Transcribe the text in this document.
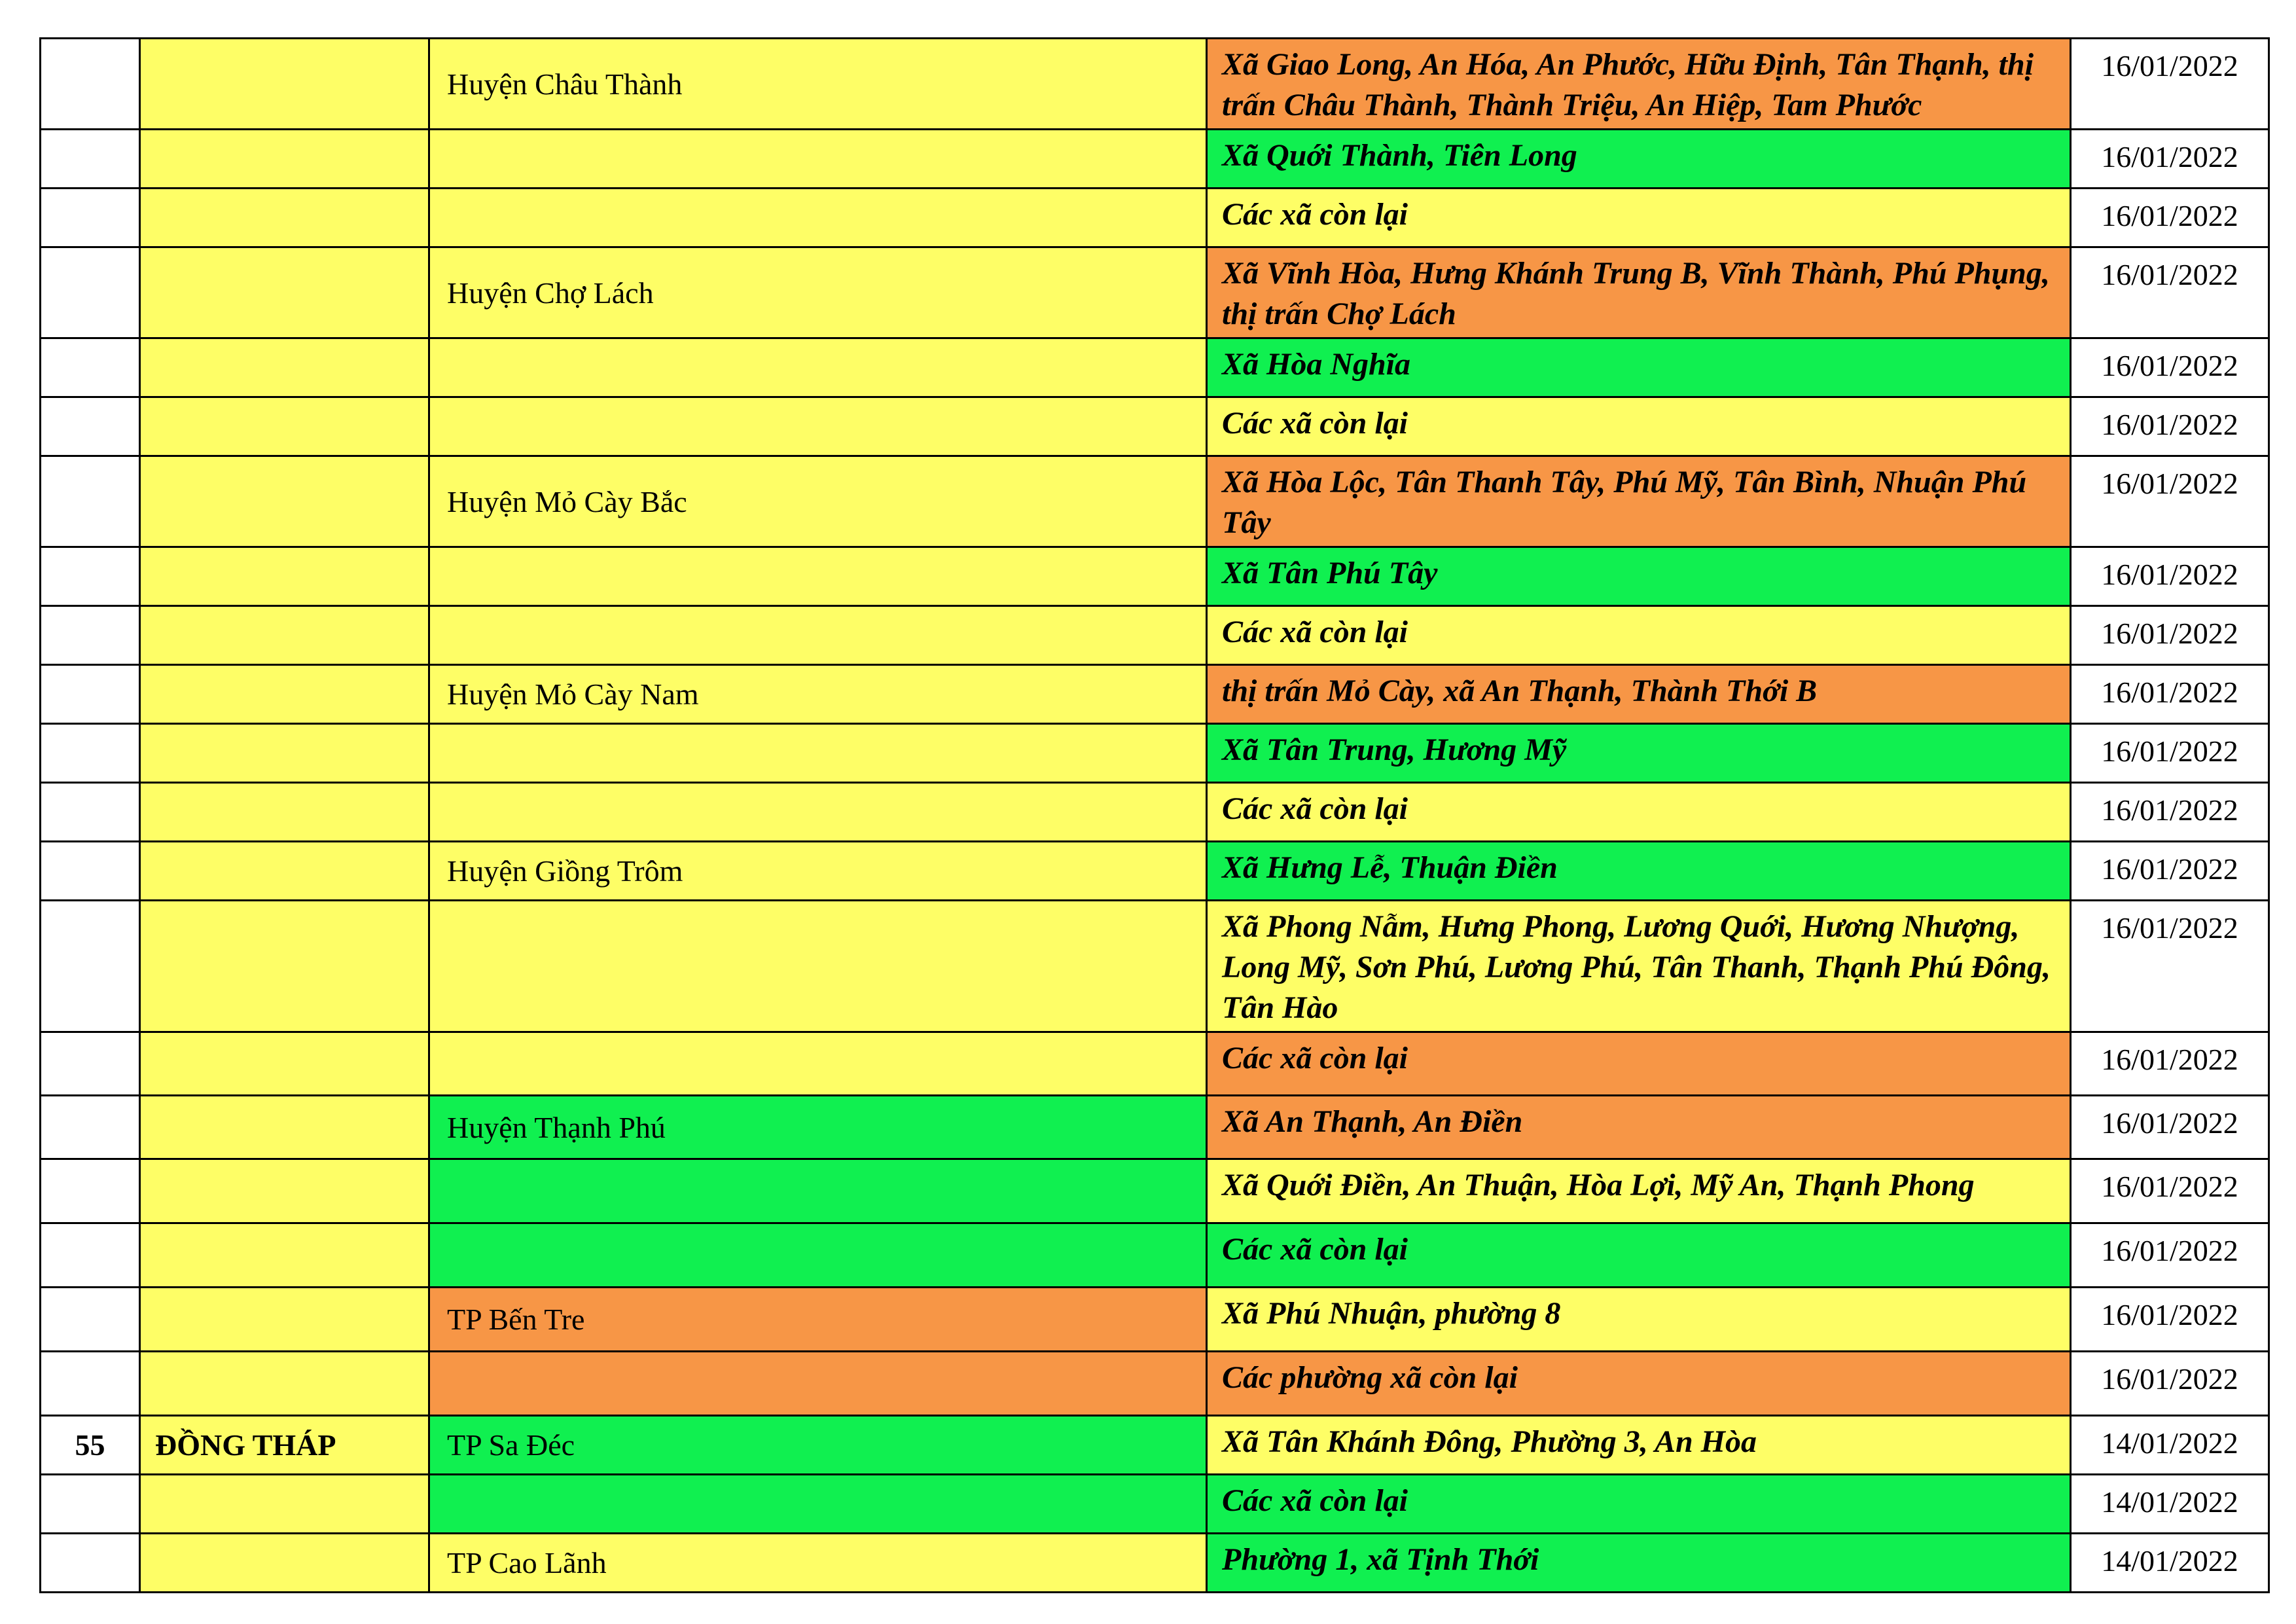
		Huyện Châu Thành	Xã Giao Long, An Hóa, An Phước, Hữu Định, Tân Thạnh, thị trấn Châu Thành, Thành Triệu, An Hiệp, Tam Phước	16/01/2022
			Xã Quới Thành, Tiên Long	16/01/2022
			Các xã còn lại	16/01/2022
		Huyện Chợ Lách	Xã Vĩnh Hòa, Hưng Khánh Trung B, Vĩnh Thành, Phú Phụng, thị trấn Chợ Lách	16/01/2022
			Xã Hòa Nghĩa	16/01/2022
			Các xã còn lại	16/01/2022
		Huyện Mỏ Cày Bắc	Xã Hòa Lộc, Tân Thanh Tây, Phú Mỹ, Tân Bình, Nhuận Phú Tây	16/01/2022
			Xã Tân Phú Tây	16/01/2022
			Các xã còn lại	16/01/2022
		Huyện Mỏ Cày Nam	thị trấn Mỏ Cày, xã An Thạnh, Thành Thới B	16/01/2022
			Xã Tân Trung, Hương Mỹ	16/01/2022
			Các xã còn lại	16/01/2022
		Huyện Giồng Trôm	Xã Hưng Lễ, Thuận Điền	16/01/2022
			Xã Phong Nẫm, Hưng Phong, Lương Quới, Hương Nhượng, Long Mỹ, Sơn Phú, Lương Phú, Tân Thanh, Thạnh Phú Đông, Tân Hào	16/01/2022
			Các xã còn lại	16/01/2022
		Huyện Thạnh Phú	Xã An Thạnh, An Điền	16/01/2022
			Xã Quới Điền, An Thuận, Hòa Lợi, Mỹ An, Thạnh Phong	16/01/2022
			Các xã còn lại	16/01/2022
		TP Bến Tre	Xã Phú Nhuận, phường 8	16/01/2022
			Các phường xã còn lại	16/01/2022
55	ĐỒNG THÁP	TP Sa Đéc	Xã Tân Khánh Đông, Phường 3, An Hòa	14/01/2022
			Các xã còn lại	14/01/2022
		TP Cao Lãnh	Phường 1, xã Tịnh Thới	14/01/2022
